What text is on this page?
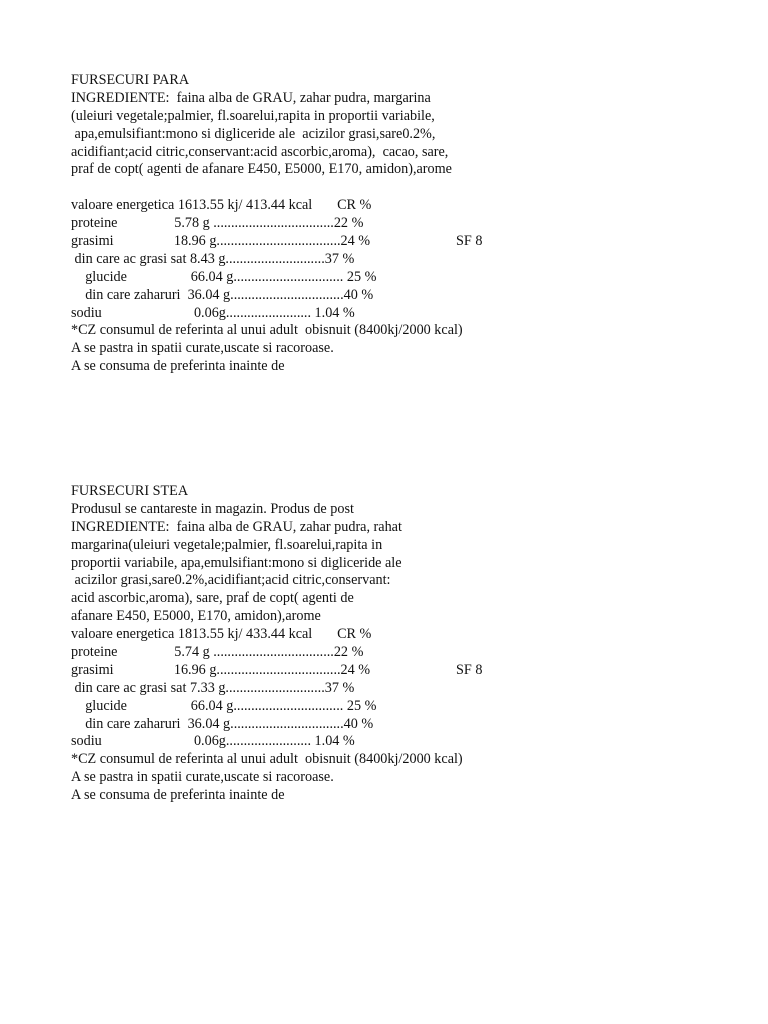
FURSECURI PARA
INGREDIENTE:  faina alba de GRAU, zahar pudra, margarina
(uleiuri vegetale;palmier, fl.soarelui,rapita in proportii variabile,
apa,emulsifiant:mono si digliceride ale  acizilor grasi,sare0.2%,
acidifiant;acid citric,conservant:acid ascorbic,aroma),  cacao, sare,
praf de copt( agenti de afanare E450, E5000, E170, amidon),arome
valoare energetica 1613.55 kj/ 413.44 kcal       CR %
proteine                5.78 g ..................................22 %
grasimi                 18.96 g...................................24 %	SF 8
din care ac grasi sat 8.43 g............................37 %
glucide                  66.04 g............................... 25 %
din care zaharuri  36.04 g................................40 %
sodiu                          0.06g........................ 1.04 %
*CZ consumul de referinta al unui adult  obisnuit (8400kj/2000 kcal)
A se pastra in spatii curate,uscate si racoroase.
A se consuma de preferinta inainte de
FURSECURI STEA
Produsul se cantareste in magazin. Produs de post
INGREDIENTE:  faina alba de GRAU, zahar pudra, rahat
margarina(uleiuri vegetale;palmier, fl.soarelui,rapita in
proportii variabile, apa,emulsifiant:mono si digliceride ale
acizilor grasi,sare0.2%,acidifiant;acid citric,conservant:
acid ascorbic,aroma), sare, praf de copt( agenti de
afanare E450, E5000, E170, amidon),arome
valoare energetica 1813.55 kj/ 433.44 kcal       CR %
proteine                5.74 g ..................................22 %
grasimi                 16.96 g...................................24 %	SF 8
din care ac grasi sat 7.33 g............................37 %
glucide                  66.04 g............................... 25 %
din care zaharuri  36.04 g................................40 %
sodiu                          0.06g........................ 1.04 %
*CZ consumul de referinta al unui adult  obisnuit (8400kj/2000 kcal)
A se pastra in spatii curate,uscate si racoroase.
A se consuma de preferinta inainte de
